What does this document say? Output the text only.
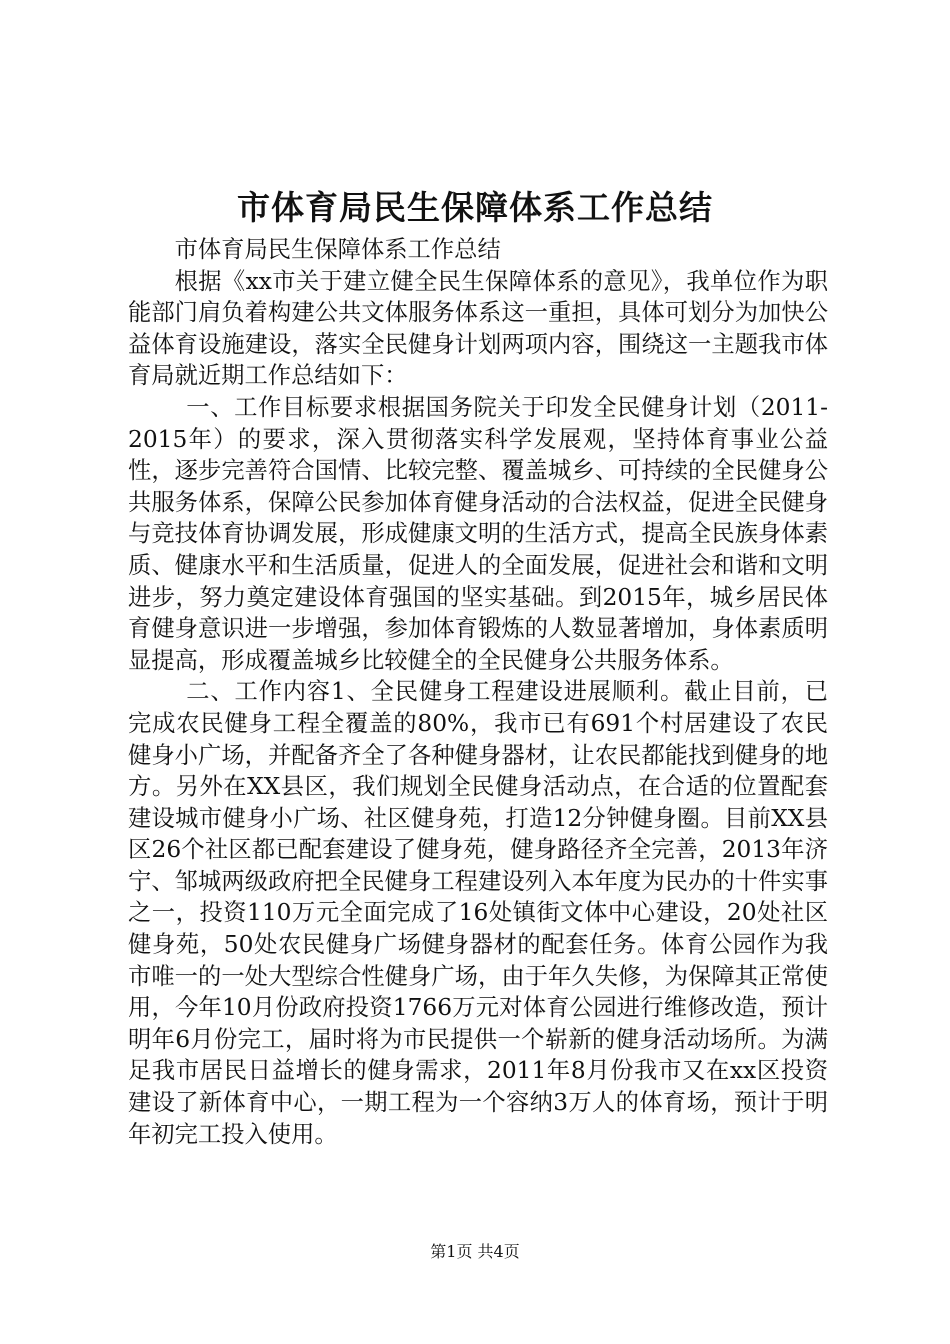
市体育局民生保障体系工作总结

市体育局民生保障体系工作总结

根据《xx市关于建立健全民生保障体系的意见》，我单位作为职能部门肩负着构建公共文体服务体系这一重担，具体可划分为加快公益体育设施建设，落实全民健身计划两项内容，围绕这一主题我市体育局就近期工作总结如下：

一、工作目标要求根据国务院关于印发全民健身计划（2011-2015年）的要求，深入贯彻落实科学发展观，坚持体育事业公益性，逐步完善符合国情、比较完整、覆盖城乡、可持续的全民健身公共服务体系，保障公民参加体育健身活动的合法权益，促进全民健身与竞技体育协调发展，形成健康文明的生活方式，提高全民族身体素质、健康水平和生活质量，促进人的全面发展，促进社会和谐和文明进步，努力奠定建设体育强国的坚实基础。到2015年，城乡居民体育健身意识进一步增强，参加体育锻炼的人数显著增加，身体素质明显提高，形成覆盖城乡比较健全的全民健身公共服务体系。

二、工作内容1、全民健身工程建设进展顺利。截止目前，已完成农民健身工程全覆盖的80%，我市已有691个村居建设了农民健身小广场，并配备齐全了各种健身器材，让农民都能找到健身的地方。另外在XX县区，我们规划全民健身活动点，在合适的位置配套建设城市健身小广场、社区健身苑，打造12分钟健身圈。目前XX县区26个社区都已配套建设了健身苑，健身路径齐全完善，2013年济宁、邹城两级政府把全民健身工程建设列入本年度为民办的十件实事之一，投资110万元全面完成了16处镇街文体中心建设，20处社区健身苑，50处农民健身广场健身器材的配套任务。体育公园作为我市唯一的一处大型综合性健身广场，由于年久失修，为保障其正常使用，今年10月份政府投资1766万元对体育公园进行维修改造，预计明年6月份完工，届时将为市民提供一个崭新的健身活动场所。为满足我市居民日益增长的健身需求，2011年8月份我市又在xx区投资建设了新体育中心，一期工程为一个容纳3万人的体育场，预计于明年初完工投入使用。

第1页 共4页
